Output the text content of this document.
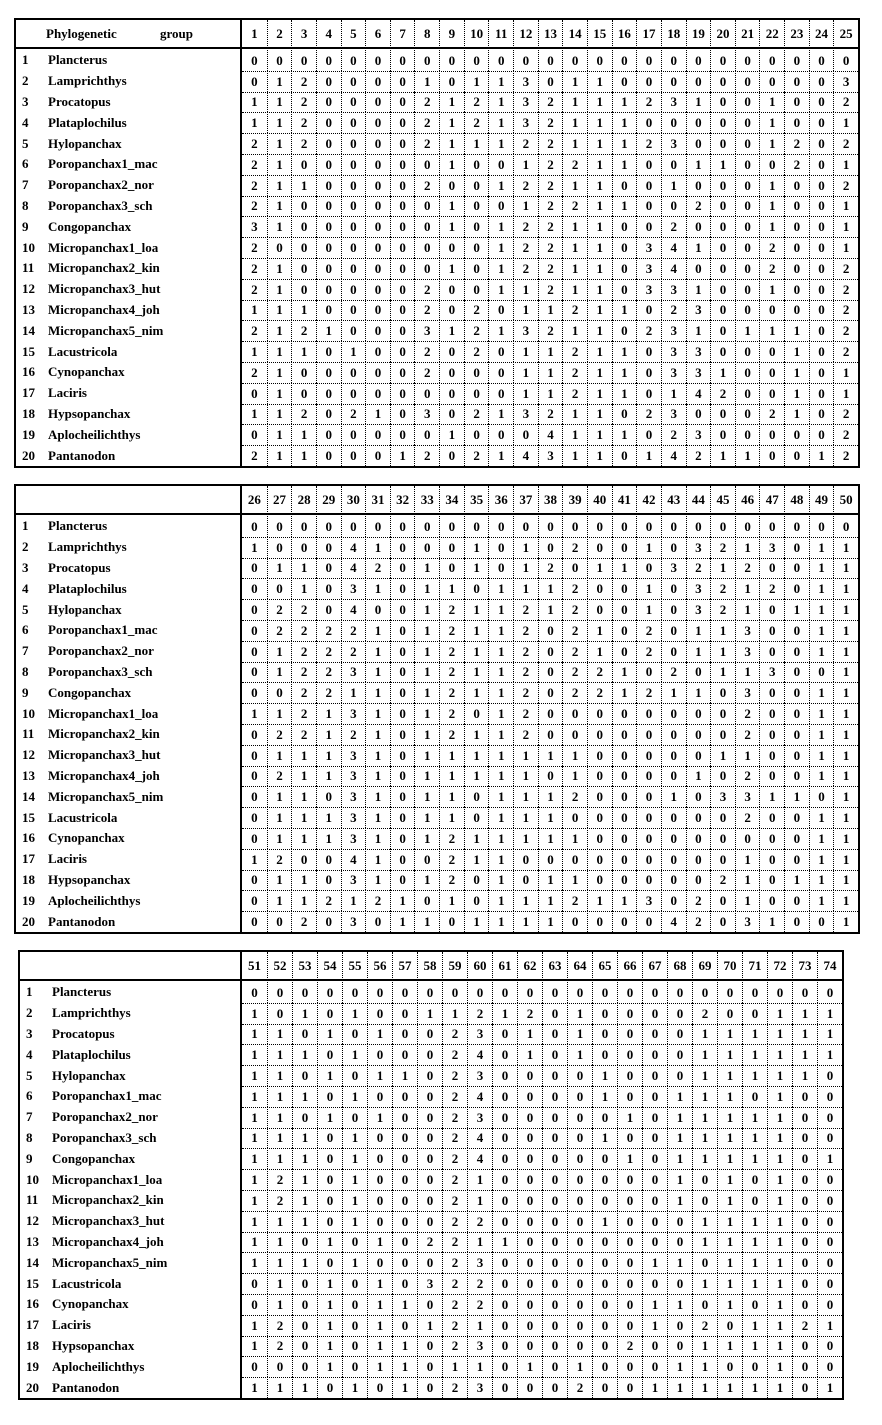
Phylogenetic group	1	2	3	4	5	6	7	8	9	10 11 12 13 14 15 16 17 18 19 20 21 22 23 24 25
1	Plancterus	0	0	0	0	0	0	0	0	0	0	0	0	0	0	0	0	0	0	0	0	0	0	0	0	0
2	Lamprichthys	0	1	2	0	0	0	0	1	0	1	1	3	0	1	1	0	0	0	0	0	0	0	0	0	3
3	Procatopus	1	1	2	0	0	0	0	2	1	2	1	3	2	1	1	1	2	3	1	0	0	1	0	0	2
4	Plataplochilus	1	1	2	0	0	0	0	2	1	2	1	3	2	1	1	1	0	0	0	0	0	1	0	0	1
5	Hylopanchax	2	1	2	0	0	0	0	2	1	1	1	2	2	1	1	1	2	3	0	0	0	1	2	0	2
6	Poropanchax1_mac	2	1	0	0	0	0	0	0	1	0	0	1	2	2	1	1	0	0	1	1	0	0	2	0	1
7	Poropanchax2_nor	2	1	1	0	0	0	0	2	0	0	1	2	2	1	1	0	0	1	0	0	0	1	0	0	2
8	Poropanchax3_sch	2	1	0	0	0	0	0	0	1	0	0	1	2	2	1	1	0	0	2	0	0	1	0	0	1
9	Congopanchax	3	1	0	0	0	0	0	0	1	0	1	2	2	1	1	0	0	2	0	0	0	1	0	0	1
10	Micropanchax1_loa	2	0	0	0	0	0	0	0	0	0	1	2	2	1	1	0	3	4	1	0	0	2	0	0	1
11	Micropanchax2_kin	2	1	0	0	0	0	0	0	1	0	1	2	2	1	1	0	3	4	0	0	0	2	0	0	2
12	Micropanchax3_hut	2	1	0	0	0	0	0	2	0	0	1	1	2	1	1	0	3	3	1	0	0	1	0	0	2
13	Micropanchax4_joh	1	1	1	0	0	0	0	2	0	2	0	1	1	2	1	1	0	2	3	0	0	0	0	0	2
14	Micropanchax5_nim	2	1	2	1	0	0	0	3	1	2	1	3	2	1	1	0	2	3	1	0	1	1	1	0	2
15	Lacustricola	1	1	1	0	1	0	0	2	0	2	0	1	1	2	1	1	0	3	3	0	0	0	1	0	2
16	Cynopanchax	2	1	0	0	0	0	0	2	0	0	0	1	1	2	1	1	0	3	3	1	0	0	1	0	1
17	Laciris	0	1	0	0	0	0	0	0	0	0	0	1	1	2	1	1	0	1	4	2	0	0	1	0	1
18	Hypsopanchax	1	1	2	0	2	1	0	3	0	2	1	3	2	1	1	0	2	3	0	0	0	2	1	0	2
19	Aplocheilichthys	0	1	1	0	0	0	0	0	1	0	0	0	4	1	1	1	0	2	3	0	0	0	0	0	2
20	Pantanodon	2	1	1	0	0	0	1	2	0	2	1	4	3	1	1	0	1	4	2	1	1	0	0	1	2
26 27 28 29 30 31 32 33 34 35 36 37 38 39 40 41 42 43 44 45 46 47 48 49 50
1	Plancterus	0	0	0	0	0	0	0	0	0	0	0	0	0	0	0	0	0	0	0	0	0	0	0	0	0
2	Lamprichthys	1	0	0	0	4	1	0	0	0	1	0	1	0	2	0	0	1	0	3	2	1	3	0	1	1
3	Procatopus	0	1	1	0	4	2	0	1	0	1	0	1	2	0	1	1	0	3	2	1	2	0	0	1	1
4	Plataplochilus	0	0	1	0	3	1	0	1	1	0	1	1	1	2	0	0	1	0	3	2	1	2	0	1	1
5	Hylopanchax	0	2	2	0	4	0	0	1	2	1	1	2	1	2	0	0	1	0	3	2	1	0	1	1	1
6	Poropanchax1_mac	0	2	2	2	2	1	0	1	2	1	1	2	0	2	1	0	2	0	1	1	3	0	0	1	1
7	Poropanchax2_nor	0	1	2	2	2	1	0	1	2	1	1	2	0	2	1	0	2	0	1	1	3	0	0	1	1
8	Poropanchax3_sch	0	1	2	2	3	1	0	1	2	1	1	2	0	2	2	1	0	2	0	1	1	3	0	0	1
9	Congopanchax	0	0	2	2	1	1	0	1	2	1	1	2	0	2	2	1	2	1	1	0	3	0	0	1	1
10	Micropanchax1_loa	1	1	2	1	3	1	0	1	2	0	1	2	0	0	0	0	0	0	0	0	2	0	0	1	1
11	Micropanchax2_kin	0	2	2	1	2	1	0	1	2	1	1	2	0	0	0	0	0	0	0	0	2	0	0	1	1
12	Micropanchax3_hut	0	1	1	1	3	1	0	1	1	1	1	1	1	1	0	0	0	0	0	1	1	0	0	1	1
13	Micropanchax4_joh	0	2	1	1	3	1	0	1	1	1	1	1	0	1	0	0	0	0	1	0	2	0	0	1	1
14	Micropanchax5_nim	0	1	1	0	3	1	0	1	1	0	1	1	1	2	0	0	0	1	0	3	3	1	1	0	1
15	Lacustricola	0	1	1	1	3	1	0	1	1	0	1	1	1	0	0	0	0	0	0	0	2	0	0	1	1
16	Cynopanchax	0	1	1	1	3	1	0	1	2	1	1	1	1	1	0	0	0	0	0	0	0	0	0	1	1
17	Laciris	1	2	0	0	4	1	0	0	2	1	1	0	0	0	0	0	0	0	0	0	1	0	0	1	1
18	Hypsopanchax	0	1	1	0	3	1	0	1	2	0	1	0	1	1	0	0	0	0	0	2	1	0	1	1	1
19	Aplocheilichthys	0	1	1	2	1	2	1	0	1	0	1	1	1	2	1	1	3	0	2	0	1	0	0	1	1
20	Pantanodon	0	0	2	0	3	0	1	1	0	1	1	1	1	0	0	0	0	4	2	0	3	1	0	0	1
51 52 53 54 55 56 57 58 59 60 61 62 63 64 65 66 67 68 69 70 71 72 73 74
1	Plancterus	0	0	0	0	0	0	0	0	0	0	0	0	0	0	0	0	0	0	0	0	0	0	0	0
2	Lamprichthys	1	0	1	0	1	0	0	1	1	2	1	2	0	1	0	0	0	0	2	0	0	1	1	1
3	Procatopus	1	1	0	1	0	1	0	0	2	3	0	1	0	1	0	0	0	0	1	1	1	1	1	1
4	Plataplochilus	1	1	1	0	1	0	0	0	2	4	0	1	0	1	0	0	0	0	1	1	1	1	1	1
5	Hylopanchax	1	1	0	1	0	1	1	0	2	3	0	0	0	0	1	0	0	0	1	1	1	1	1	0
6	Poropanchax1_mac	1	1	1	0	1	0	0	0	2	4	0	0	0	0	1	0	0	1	1	1	0	1	0	0
7	Poropanchax2_nor	1	1	0	1	0	1	0	0	2	3	0	0	0	0	0	1	0	1	1	1	1	1	0	0
8	Poropanchax3_sch	1	1	1	0	1	0	0	0	2	4	0	0	0	0	1	0	0	1	1	1	1	1	0	0
9	Congopanchax	1	1	1	0	1	0	0	0	2	4	0	0	0	0	0	1	0	1	1	1	1	1	0	1
10	Micropanchax1_loa	1	2	1	0	1	0	0	0	2	1	0	0	0	0	0	0	0	1	0	1	0	1	0	0
11	Micropanchax2_kin	1	2	1	0	1	0	0	0	2	1	0	0	0	0	0	0	0	1	0	1	0	1	0	0
12	Micropanchax3_hut	1	1	1	0	1	0	0	0	2	2	0	0	0	0	1	0	0	0	1	1	1	1	0	0
13	Micropanchax4_joh	1	1	0	1	0	1	0	2	2	1	1	0	0	0	0	0	0	0	1	1	1	1	0	0
14	Micropanchax5_nim	1	1	1	0	1	0	0	0	2	3	0	0	0	0	0	0	1	1	0	1	1	1	0	0
15	Lacustricola	0	1	0	1	0	1	0	3	2	2	0	0	0	0	0	0	0	0	1	1	1	1	0	0
16	Cynopanchax	0	1	0	1	0	1	1	0	2	2	0	0	0	0	0	0	1	1	0	1	0	1	0	0
17	Laciris	1	2	0	1	0	1	0	1	2	1	0	0	0	0	0	0	1	0	2	0	1	1	2	1
18	Hypsopanchax	1	2	0	1	0	1	1	0	2	3	0	0	0	0	0	2	0	0	1	1	1	1	0	0
19	Aplocheilichthys	0	0	0	1	0	1	1	0	1	1	0	1	0	1	0	0	0	1	1	0	0	1	0	0
20	Pantanodon	1	1	1	0	1	0	1	0	2	3	0	0	0	2	0	0	1	1	1	1	1	1	0	1
